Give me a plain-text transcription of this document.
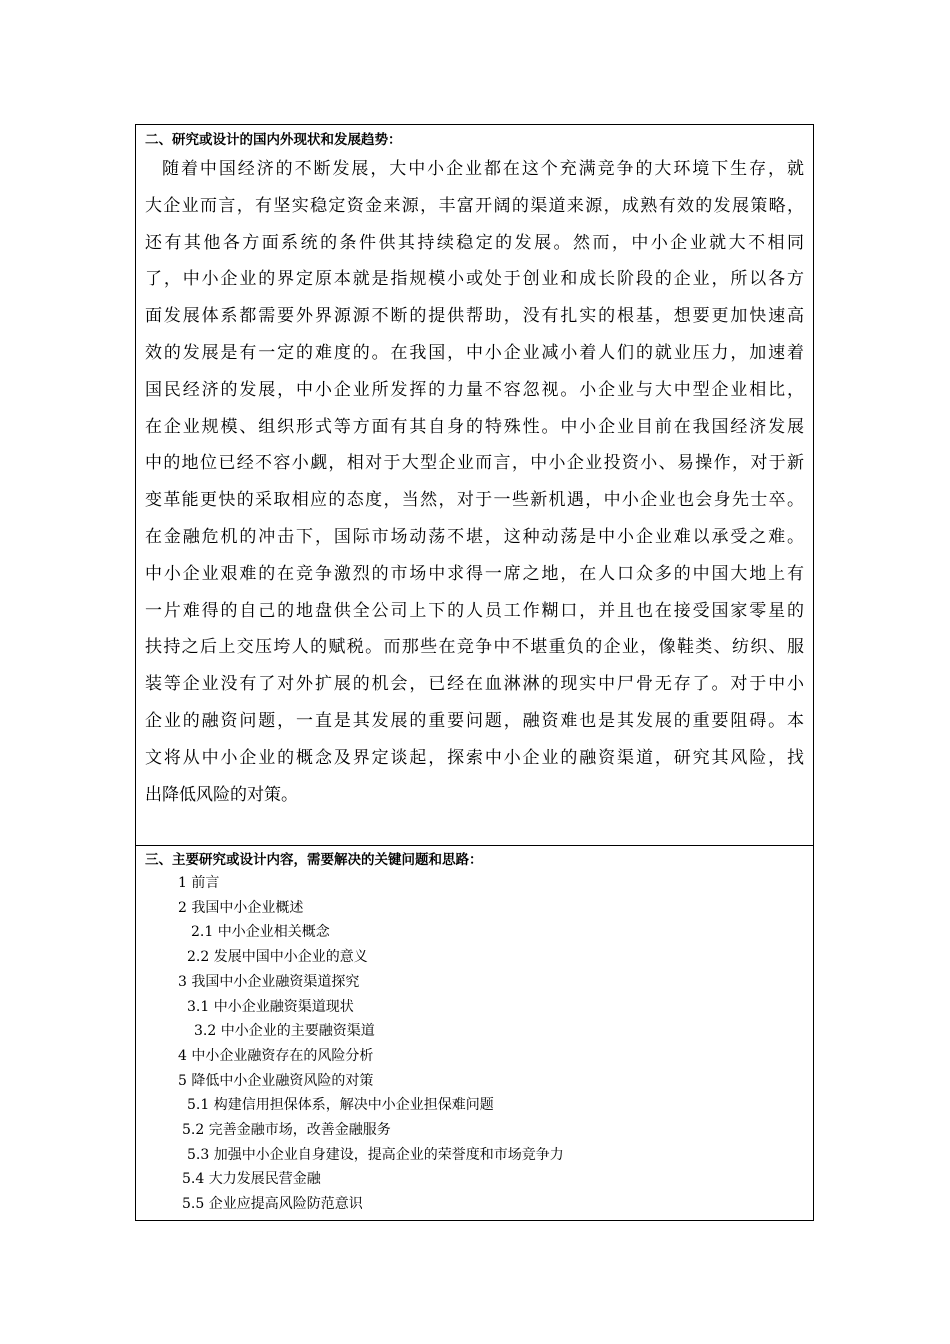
二、研究或设计的国内外现状和发展趋势：

随着中国经济的不断发展，大中小企业都在这个充满竞争的大环境下生存，就
大企业而言，有坚实稳定资金来源，丰富开阔的渠道来源，成熟有效的发展策略，
还有其他各方面系统的条件供其持续稳定的发展。然而，中小企业就大不相同
了，中小企业的界定原本就是指规模小或处于创业和成长阶段的企业，所以各方
面发展体系都需要外界源源不断的提供帮助，没有扎实的根基，想要更加快速高
效的发展是有一定的难度的。在我国，中小企业减小着人们的就业压力，加速着
国民经济的发展，中小企业所发挥的力量不容忽视。小企业与大中型企业相比，
在企业规模、组织形式等方面有其自身的特殊性。中小企业目前在我国经济发展
中的地位已经不容小觑，相对于大型企业而言，中小企业投资小、易操作，对于新
变革能更快的采取相应的态度，当然，对于一些新机遇，中小企业也会身先士卒。
在金融危机的冲击下，国际市场动荡不堪，这种动荡是中小企业难以承受之难。
中小企业艰难的在竞争激烈的市场中求得一席之地，在人口众多的中国大地上有
一片难得的自己的地盘供全公司上下的人员工作糊口，并且也在接受国家零星的
扶持之后上交压垮人的赋税。而那些在竞争中不堪重负的企业，像鞋类、纺织、服
装等企业没有了对外扩展的机会，已经在血淋淋的现实中尸骨无存了。对于中小
企业的融资问题，一直是其发展的重要问题，融资难也是其发展的重要阻碍。本
文将从中小企业的概念及界定谈起，探索中小企业的融资渠道，研究其风险，找
出降低风险的对策。

三、主要研究或设计内容，需要解决的关键问题和思路：

1 前言
2 我国中小企业概述
2.1 中小企业相关概念
2.2 发展中国中小企业的意义
3 我国中小企业融资渠道探究
3.1 中小企业融资渠道现状
3.2 中小企业的主要融资渠道
4 中小企业融资存在的风险分析
5 降低中小企业融资风险的对策
5.1 构建信用担保体系，解决中小企业担保难问题
5.2 完善金融市场，改善金融服务
5.3 加强中小企业自身建设，提高企业的荣誉度和市场竞争力
5.4 大力发展民营金融
5.5 企业应提高风险防范意识
